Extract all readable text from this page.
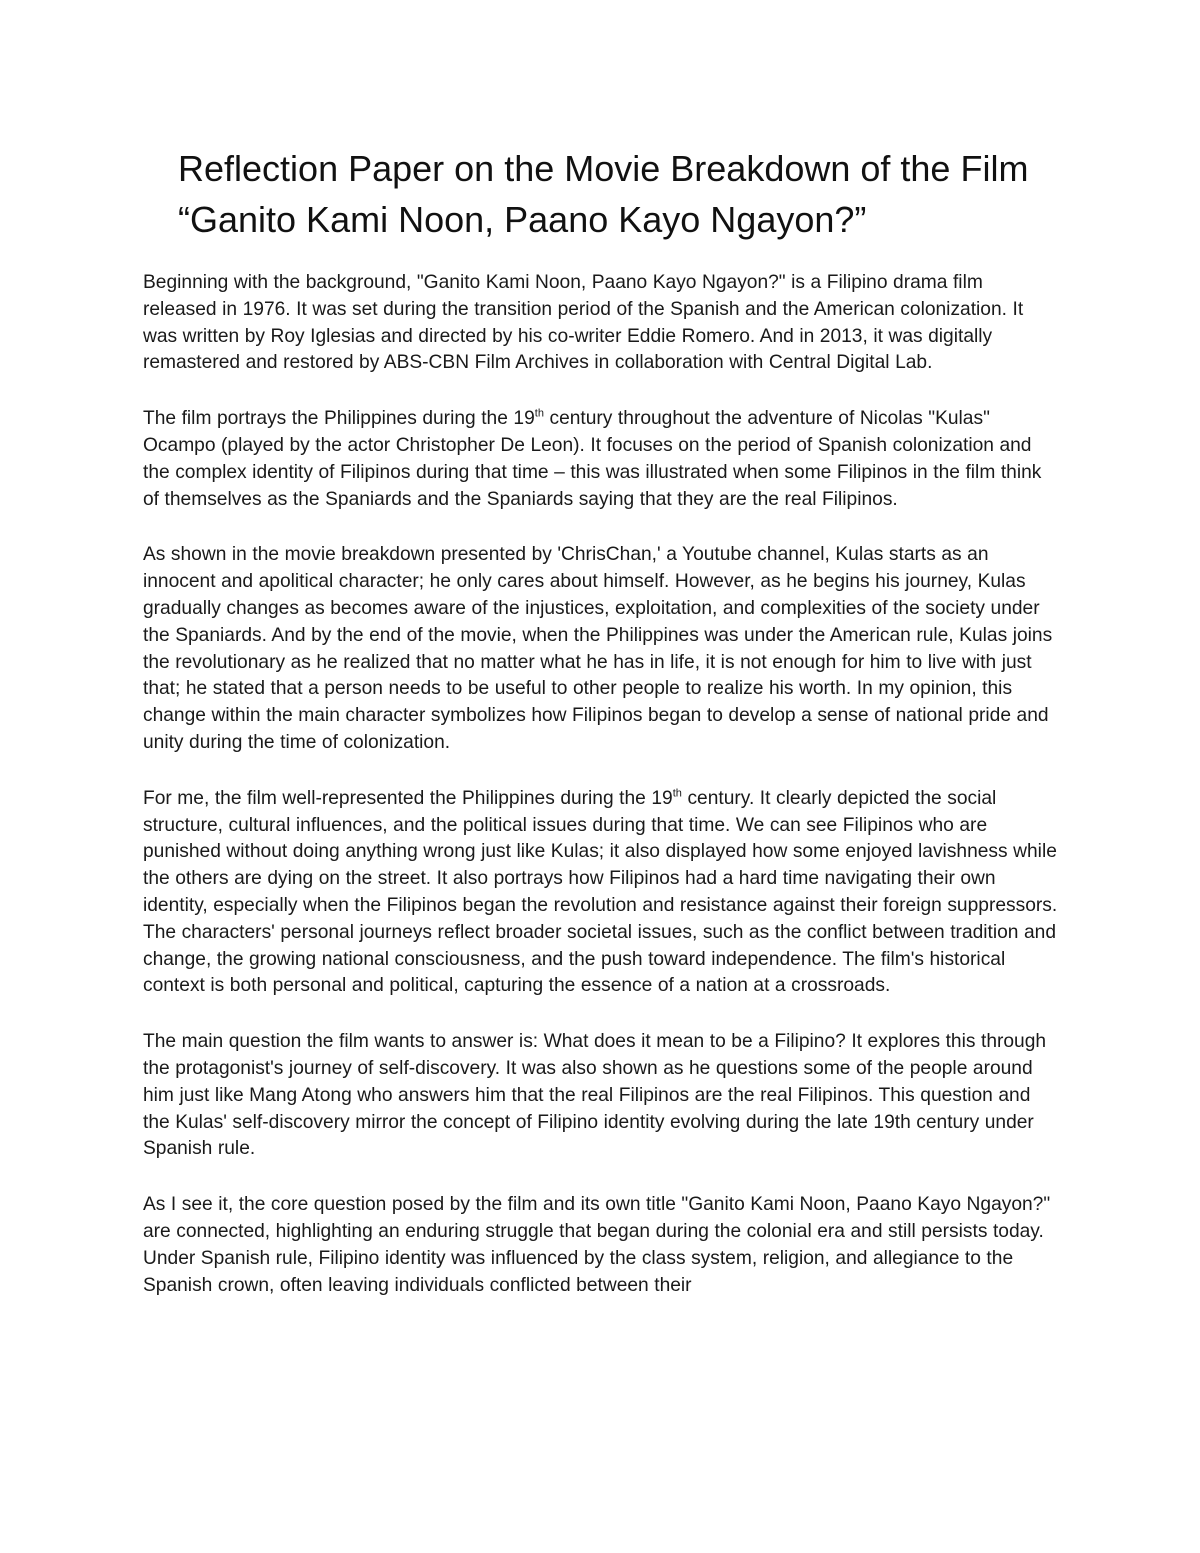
Reflection Paper on the Movie Breakdown of the Film “Ganito Kami Noon, Paano Kayo Ngayon?”

Beginning with the background, "Ganito Kami Noon, Paano Kayo Ngayon?" is a Filipino drama film released in 1976. It was set during the transition period of the Spanish and the American colonization. It was written by Roy Iglesias and directed by his co-writer Eddie Romero. And in 2013, it was digitally remastered and restored by ABS-CBN Film Archives in collaboration with Central Digital Lab.

The film portrays the Philippines during the 19th century throughout the adventure of Nicolas "Kulas" Ocampo (played by the actor Christopher De Leon). It focuses on the period of Spanish colonization and the complex identity of Filipinos during that time – this was illustrated when some Filipinos in the film think of themselves as the Spaniards and the Spaniards saying that they are the real Filipinos.

As shown in the movie breakdown presented by 'ChrisChan,' a Youtube channel, Kulas starts as an innocent and apolitical character; he only cares about himself. However, as he begins his journey, Kulas gradually changes as becomes aware of the injustices, exploitation, and complexities of the society under the Spaniards. And by the end of the movie, when the Philippines was under the American rule, Kulas joins the revolutionary as he realized that no matter what he has in life, it is not enough for him to live with just that; he stated that a person needs to be useful to other people to realize his worth. In my opinion, this change within the main character symbolizes how Filipinos began to develop a sense of national pride and unity during the time of colonization.

For me, the film well-represented the Philippines during the 19th century. It clearly depicted the social structure, cultural influences, and the political issues during that time. We can see Filipinos who are punished without doing anything wrong just like Kulas; it also displayed how some enjoyed lavishness while the others are dying on the street. It also portrays how Filipinos had a hard time navigating their own identity, especially when the Filipinos began the revolution and resistance against their foreign suppressors. The characters' personal journeys reflect broader societal issues, such as the conflict between tradition and change, the growing national consciousness, and the push toward independence. The film's historical context is both personal and political, capturing the essence of a nation at a crossroads.

The main question the film wants to answer is: What does it mean to be a Filipino? It explores this through the protagonist's journey of self-discovery. It was also shown as he questions some of the people around him just like Mang Atong who answers him that the real Filipinos are the real Filipinos. This question and the Kulas' self-discovery mirror the concept of Filipino identity evolving during the late 19th century under Spanish rule.

As I see it, the core question posed by the film and its own title "Ganito Kami Noon, Paano Kayo Ngayon?" are connected, highlighting an enduring struggle that began during the colonial era and still persists today. Under Spanish rule, Filipino identity was influenced by the class system, religion, and allegiance to the Spanish crown, often leaving individuals conflicted between their
